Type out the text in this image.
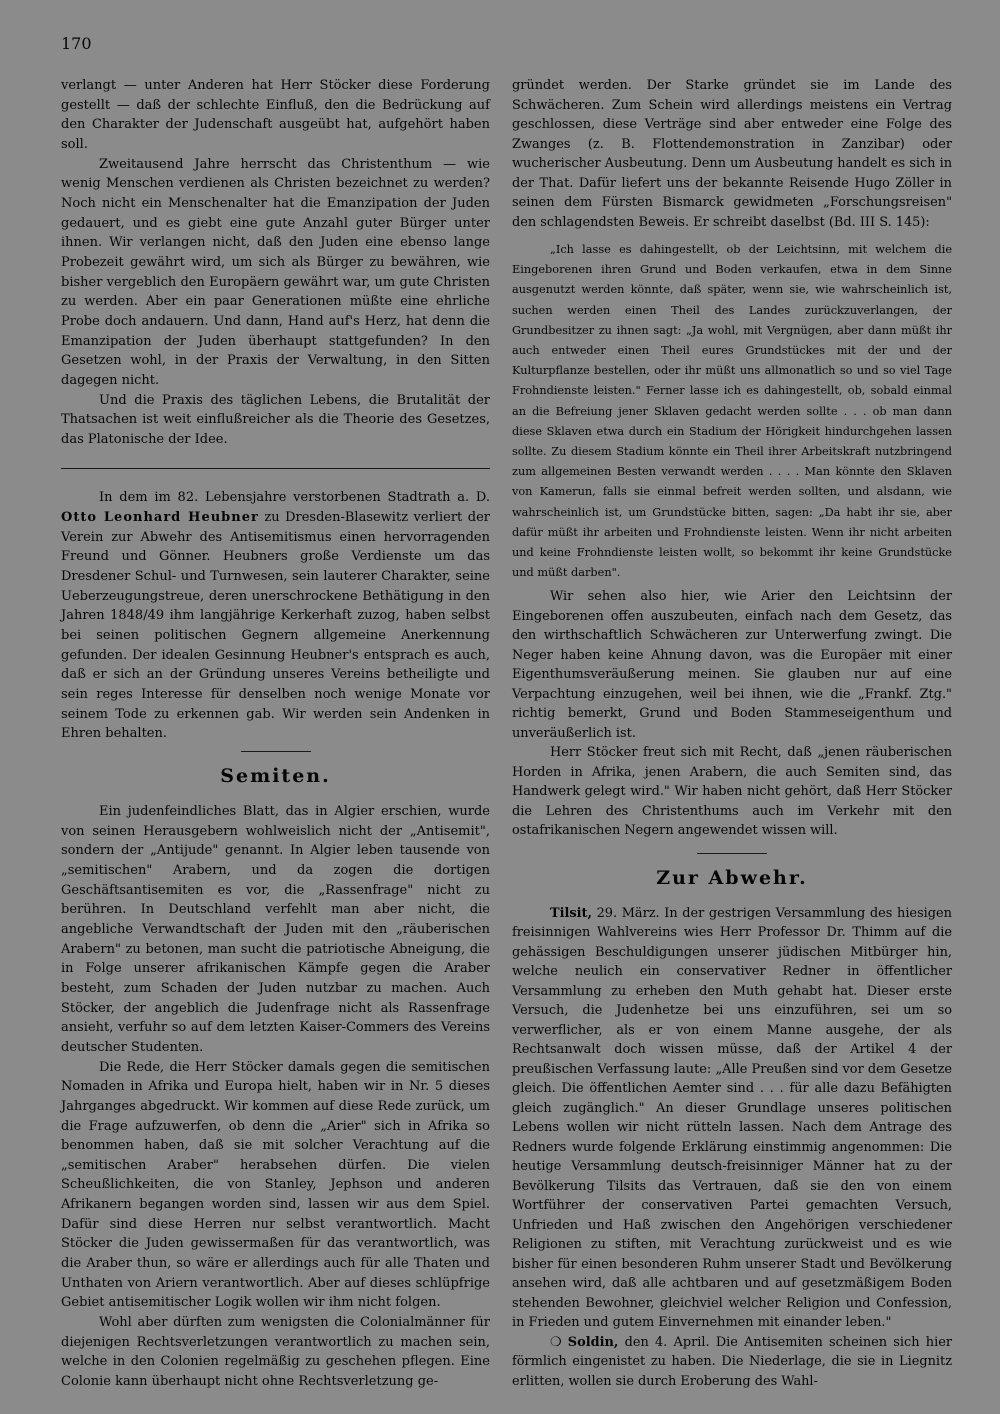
170

verlangt — unter Anderen hat Herr Stöcker diese Forderung gestellt — daß der schlechte Einfluß, den die Bedrückung auf den Charakter der Judenschaft ausgeübt hat, aufgehört haben soll.

Zweitausend Jahre herrscht das Christenthum — wie wenig Menschen verdienen als Christen bezeichnet zu werden? Noch nicht ein Menschenalter hat die Emanzipation der Juden gedauert, und es giebt eine gute Anzahl guter Bürger unter ihnen. Wir verlangen nicht, daß den Juden eine ebenso lange Probezeit gewährt wird, um sich als Bürger zu bewähren, wie bisher vergeblich den Europäern gewährt war, um gute Christen zu werden. Aber ein paar Generationen müßte eine ehrliche Probe doch andauern. Und dann, Hand auf's Herz, hat denn die Emanzipation der Juden überhaupt stattgefunden? In den Gesetzen wohl, in der Praxis der Verwaltung, in den Sitten dagegen nicht.

Und die Praxis des täglichen Lebens, die Brutalität der Thatsachen ist weit einflußreicher als die Theorie des Gesetzes, das Platonische der Idee.

In dem im 82. Lebensjahre verstorbenen Stadtrath a. D. Otto Leonhard Heubner zu Dresden-Blasewitz verliert der Verein zur Abwehr des Antisemitismus einen hervorragenden Freund und Gönner. Heubners große Verdienste um das Dresdener Schul- und Turnwesen, sein lauterer Charakter, seine Ueberzeugungstreue, deren unerschrockene Bethätigung in den Jahren 1848/49 ihm langjährige Kerkerhaft zuzog, haben selbst bei seinen politischen Gegnern allgemeine Anerkennung gefunden. Der idealen Gesinnung Heubner's entsprach es auch, daß er sich an der Gründung unseres Vereins betheiligte und sein reges Interesse für denselben noch wenige Monate vor seinem Tode zu erkennen gab. Wir werden sein Andenken in Ehren behalten.

Semiten.

Ein judenfeindliches Blatt, das in Algier erschien, wurde von seinen Herausgebern wohlweislich nicht der „Antisemit", sondern der „Antijude" genannt. In Algier leben tausende von „semitischen" Arabern, und da zogen die dortigen Geschäftsantisemiten es vor, die „Rassenfrage" nicht zu berühren. In Deutschland verfehlt man aber nicht, die angebliche Verwandtschaft der Juden mit den „räuberischen Arabern" zu betonen, man sucht die patriotische Abneigung, die in Folge unserer afrikanischen Kämpfe gegen die Araber besteht, zum Schaden der Juden nutzbar zu machen. Auch Stöcker, der angeblich die Judenfrage nicht als Rassenfrage ansieht, verfuhr so auf dem letzten Kaiser-Commers des Vereins deutscher Studenten.

Die Rede, die Herr Stöcker damals gegen die semitischen Nomaden in Afrika und Europa hielt, haben wir in Nr. 5 dieses Jahrganges abgedruckt. Wir kommen auf diese Rede zurück, um die Frage aufzuwerfen, ob denn die „Arier" sich in Afrika so benommen haben, daß sie mit solcher Verachtung auf die „semitischen Araber" herabsehen dürfen. Die vielen Scheußlichkeiten, die von Stanley, Jephson und anderen Afrikanern begangen worden sind, lassen wir aus dem Spiel. Dafür sind diese Herren nur selbst verantwortlich. Macht Stöcker die Juden gewissermaßen für das verantwortlich, was die Araber thun, so wäre er allerdings auch für alle Thaten und Unthaten von Ariern verantwortlich. Aber auf dieses schlüpfrige Gebiet antisemitischer Logik wollen wir ihm nicht folgen.

Wohl aber dürften zum wenigsten die Colonialmänner für diejenigen Rechtsverletzungen verantwortlich zu machen sein, welche in den Colonien regelmäßig zu geschehen pflegen. Eine Colonie kann überhaupt nicht ohne Rechtsverletzung ge-

gründet werden. Der Starke gründet sie im Lande des Schwächeren. Zum Schein wird allerdings meistens ein Vertrag geschlossen, diese Verträge sind aber entweder eine Folge des Zwanges (z. B. Flottendemonstration in Zanzibar) oder wucherischer Ausbeutung. Denn um Ausbeutung handelt es sich in der That. Dafür liefert uns der bekannte Reisende Hugo Zöller in seinen dem Fürsten Bismarck gewidmeten „Forschungsreisen" den schlagendsten Beweis. Er schreibt daselbst (Bd. III S. 145):

„Ich lasse es dahingestellt, ob der Leichtsinn, mit welchem die Eingeborenen ihren Grund und Boden verkaufen, etwa in dem Sinne ausgenutzt werden könnte, daß später, wenn sie, wie wahrscheinlich ist, suchen werden einen Theil des Landes zurückzuverlangen, der Grundbesitzer zu ihnen sagt: „Ja wohl, mit Vergnügen, aber dann müßt ihr auch entweder einen Theil eures Grundstückes mit der und der Kulturpflanze bestellen, oder ihr müßt uns allmonatlich so und so viel Tage Frohndienste leisten." Ferner lasse ich es dahingestellt, ob, sobald einmal an die Befreiung jener Sklaven gedacht werden sollte . . . ob man dann diese Sklaven etwa durch ein Stadium der Hörigkeit hindurchgehen lassen sollte. Zu diesem Stadium könnte ein Theil ihrer Arbeitskraft nutzbringend zum allgemeinen Besten verwandt werden . . . . Man könnte den Sklaven von Kamerun, falls sie einmal befreit werden sollten, und alsdann, wie wahrscheinlich ist, um Grundstücke bitten, sagen: „Da habt ihr sie, aber dafür müßt ihr arbeiten und Frohndienste leisten. Wenn ihr nicht arbeiten und keine Frohndienste leisten wollt, so bekommt ihr keine Grundstücke und müßt darben".

Wir sehen also hier, wie Arier den Leichtsinn der Eingeborenen offen auszubeuten, einfach nach dem Gesetz, das den wirthschaftlich Schwächeren zur Unterwerfung zwingt. Die Neger haben keine Ahnung davon, was die Europäer mit einer Eigenthumsveräußerung meinen. Sie glauben nur auf eine Verpachtung einzugehen, weil bei ihnen, wie die „Frankf. Ztg." richtig bemerkt, Grund und Boden Stammeseigenthum und unveräußerlich ist.

Herr Stöcker freut sich mit Recht, daß „jenen räuberischen Horden in Afrika, jenen Arabern, die auch Semiten sind, das Handwerk gelegt wird." Wir haben nicht gehört, daß Herr Stöcker die Lehren des Christenthums auch im Verkehr mit den ostafrikanischen Negern angewendet wissen will.

Zur Abwehr.

Tilsit, 29. März. In der gestrigen Versammlung des hiesigen freisinnigen Wahlvereins wies Herr Professor Dr. Thimm auf die gehässigen Beschuldigungen unserer jüdischen Mitbürger hin, welche neulich ein conservativer Redner in öffentlicher Versammlung zu erheben den Muth gehabt hat. Dieser erste Versuch, die Judenhetze bei uns einzuführen, sei um so verwerflicher, als er von einem Manne ausgehe, der als Rechtsanwalt doch wissen müsse, daß der Artikel 4 der preußischen Verfassung laute: „Alle Preußen sind vor dem Gesetze gleich. Die öffentlichen Aemter sind . . . für alle dazu Befähigten gleich zugänglich." An dieser Grundlage unseres politischen Lebens wollen wir nicht rütteln lassen. Nach dem Antrage des Redners wurde folgende Erklärung einstimmig angenommen: Die heutige Versammlung deutsch-freisinniger Männer hat zu der Bevölkerung Tilsits das Vertrauen, daß sie den von einem Wortführer der conservativen Partei gemachten Versuch, Unfrieden und Haß zwischen den Angehörigen verschiedener Religionen zu stiften, mit Verachtung zurückweist und es wie bisher für einen besonderen Ruhm unserer Stadt und Bevölkerung ansehen wird, daß alle achtbaren und auf gesetzmäßigem Boden stehenden Bewohner, gleichviel welcher Religion und Confession, in Frieden und gutem Einvernehmen mit einander leben."

❍ Soldin, den 4. April. Die Antisemiten scheinen sich hier förmlich eingenistet zu haben. Die Niederlage, die sie in Liegnitz erlitten, wollen sie durch Eroberung des Wahl-
